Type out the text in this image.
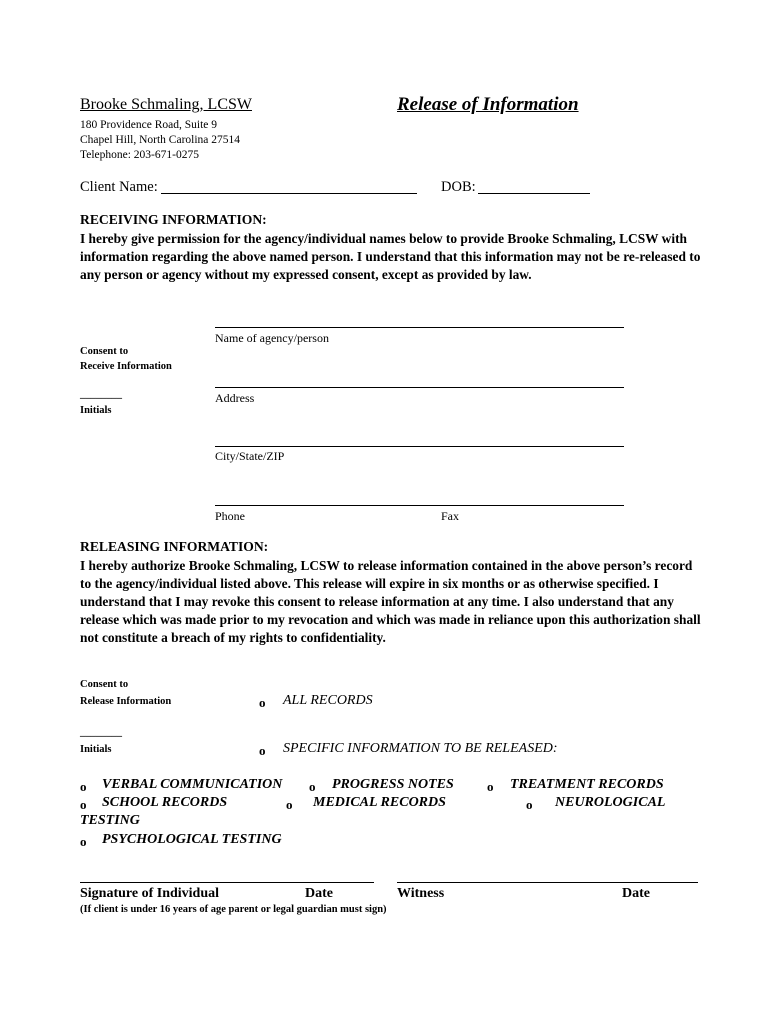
Brooke Schmaling, LCSW	Release of Information
180 Providence Road, Suite 9
Chapel Hill, North Carolina 27514
Telephone: 203-671-0275
Client Name:	DOB:
RECEIVING INFORMATION:
I hereby give permission for the agency/individual names below to provide Brooke Schmaling, LCSW with information regarding the above named person. I understand that this information may not be re-released to any person or agency without my expressed consent, except as provided by law.
Consent to
Receive Information
________
Initials
Name of agency/person
Address
City/State/ZIP
Phone	Fax
RELEASING INFORMATION:
I hereby authorize Brooke Schmaling, LCSW to release information contained in the above person’s record to the agency/individual listed above. This release will expire in six months or as otherwise specified. I understand that I may revoke this consent to release information at any time. I also understand that any release which was made prior to my revocation and which was made in reliance upon this authorization shall not constitute a breach of my rights to confidentiality.
Consent to
Release Information
________
Initials
o ALL RECORDS
o SPECIFIC INFORMATION TO BE RELEASED:
o VERBAL COMMUNICATION o PROGRESS NOTES	o TREATMENT RECORDS
o SCHOOL RECORDS	o MEDICAL RECORDS	o NEUROLOGICAL
TESTING
o PSYCHOLOGICAL TESTING
Signature of Individual	Date	Witness	Date
(If client is under 16 years of age parent or legal guardian must sign)
